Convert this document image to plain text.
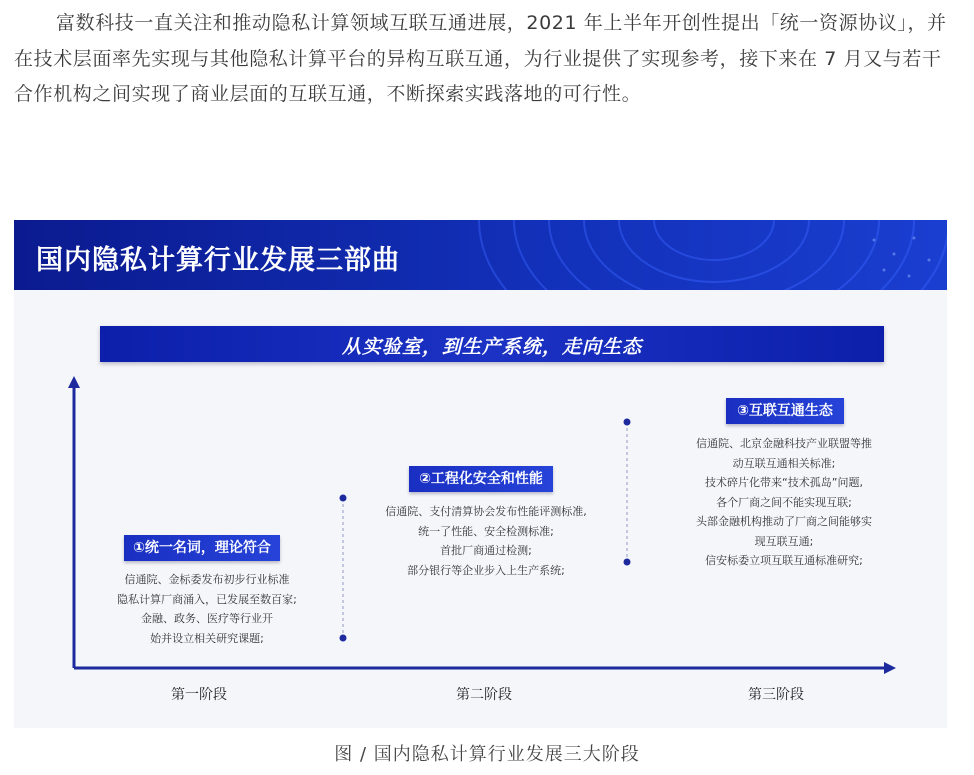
富数科技一直关注和推动隐私计算领域互联互通进展，2021 年上半年开创性提出「统一资源协议」，并在技术层面率先实现与其他隐私计算平台的异构互联互通，为行业提供了实现参考，接下来在 7 月又与若干合作机构之间实现了商业层面的互联互通，不断探索实践落地的可行性。
国内隐私计算行业发展三部曲
从实验室，到生产系统，走向生态
①统一名词，理论符合
信通院、金标委发布初步行业标准
隐私计算厂商涌入，已发展至数百家;
金融、政务、医疗等行业开
始并设立相关研究课题;
第一阶段
②工程化安全和性能
信通院、支付清算协会发布性能评测标准,
统一了性能、安全检测标准;
首批厂商通过检测;
部分银行等企业步入上生产系统;
第二阶段
③互联互通生态
信通院、北京金融科技产业联盟等推
动互联互通相关标准;
技术碎片化带来“技术孤岛”问题,
各个厂商之间不能实现互联;
头部金融机构推动了厂商之间能够实
现互联互通;
信安标委立项互联互通标准研究;
第三阶段
图 / 国内隐私计算行业发展三大阶段
